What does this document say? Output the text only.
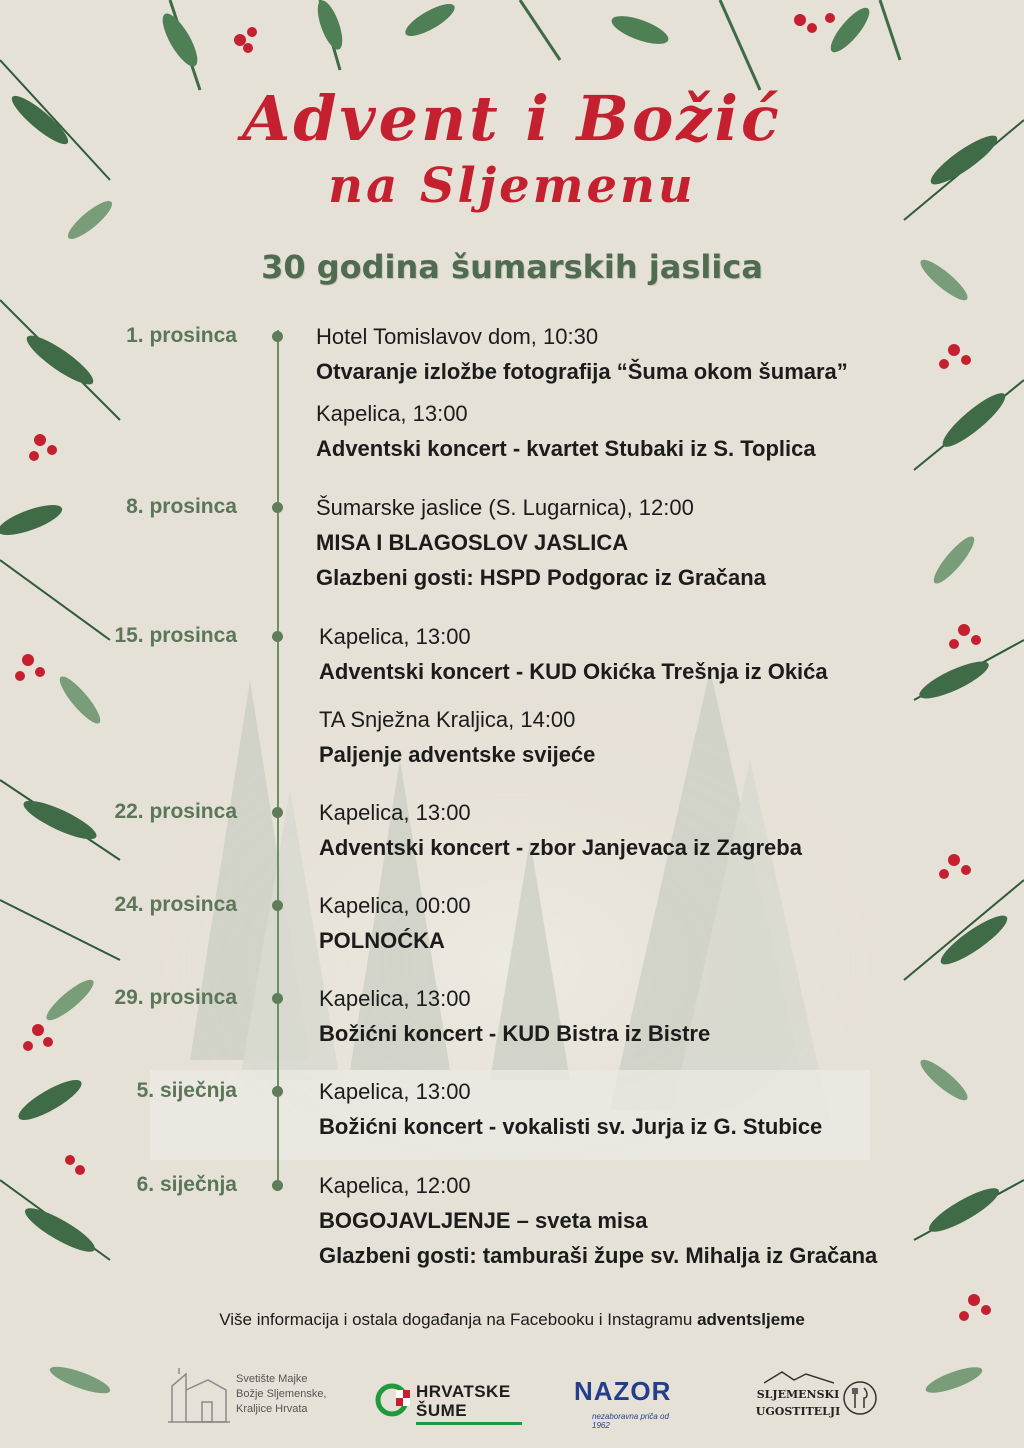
Advent i Božić
na Sljemenu
30 godina šumarskih jaslica
1. prosinca	Hotel Tomislavov dom, 10:30
Otvaranje izložbe fotografija “Šuma okom šumara”
Kapelica, 13:00
Adventski koncert - kvartet Stubaki iz S. Toplica
8. prosinca	Šumarske jaslice (S. Lugarnica), 12:00
MISA I BLAGOSLOV JASLICA
Glazbeni gosti: HSPD Podgorac iz Gračana
15. prosinca	Kapelica, 13:00
Adventski koncert - KUD Okićka Trešnja iz Okića
TA Snježna Kraljica, 14:00
Paljenje adventske svijeće
22. prosinca	Kapelica, 13:00
Adventski koncert - zbor Janjevaca iz Zagreba
24. prosinca	Kapelica, 00:00
POLNOĆKA
29. prosinca	Kapelica, 13:00
Božićni koncert - KUD Bistra iz Bistre
5. siječnja	Kapelica, 13:00
Božićni koncert - vokalisti sv. Jurja iz G. Stubice
6. siječnja	Kapelica, 12:00
BOGOJAVLJENJE – sveta misa
Glazbeni gosti: tamburaši župe sv. Mihalja iz Gračana
Više informacija i ostala događanja na Facebooku i Instagramu adventsljeme
Svetište Majke
Božje Sljemenske,
Kraljice Hrvata
HRVATSKE
ŠUME
NAZOR
nezaboravna priča od 1962
SLJEMENSKI
UGOSTITELJI
